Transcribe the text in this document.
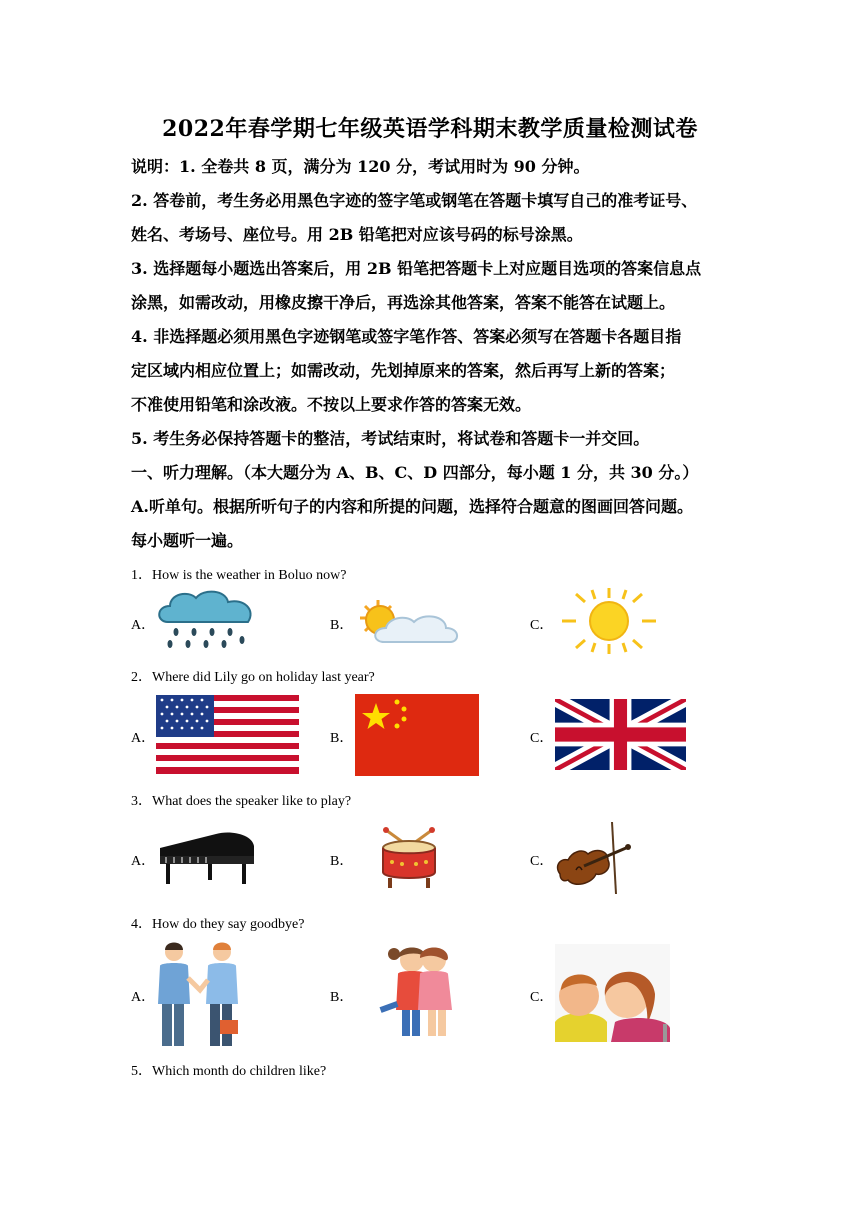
2022年春学期七年级英语学科期末教学质量检测试卷
说明：1. 全卷共 8 页，满分为 120 分，考试用时为 90 分钟。
2. 答卷前，考生务必用黑色字迹的签字笔或钢笔在答题卡填写自己的准考证号、
姓名、考场号、座位号。用 2B 铅笔把对应该号码的标号涂黑。
3. 选择题每小题选出答案后，用 2B 铅笔把答题卡上对应题目选项的答案信息点
涂黑，如需改动，用橡皮擦干净后，再选涂其他答案，答案不能答在试题上。
4. 非选择题必须用黑色字迹钢笔或签字笔作答、答案必须写在答题卡各题目指
定区域内相应位置上；如需改动，先划掉原来的答案，然后再写上新的答案；
不准使用铅笔和涂改液。不按以上要求作答的答案无效。
5. 考生务必保持答题卡的整洁，考试结束时，将试卷和答题卡一并交回。
一、听力理解。（本大题分为 A、B、C、D 四部分，每小题 1 分，共 30 分。）
A.听单句。根据所听句子的内容和所提的问题，选择符合题意的图画回答问题。
每小题听一遍。
1．How is the weather in Boluo now?
A．	B．	C．
2．Where did Lily go on holiday last year?
A．	B．	C．
3．What does the speaker like to play?
A．	B．	C．
4．How do they say goodbye?
A．	B．	C．
5．Which month do children like?
